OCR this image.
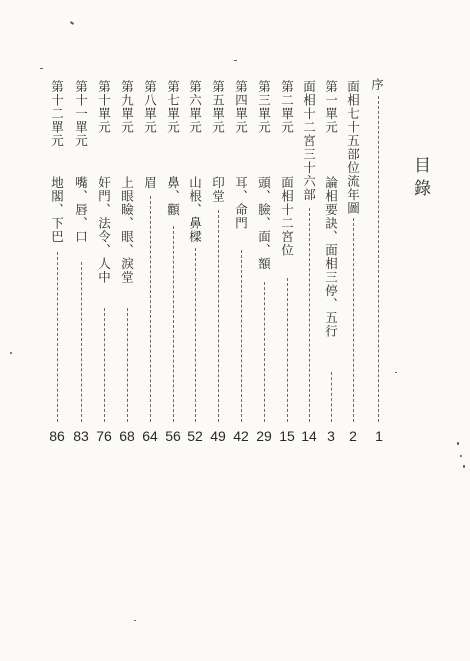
目錄
序
1
面相七十五部位流年圖
2
第一單元
論相要訣、面相三停、五行
3
面相十二宮三十六部
14
第二單元
面相十二宮位
15
第三單元
頭、臉、面、額
29
第四單元
耳、命門
42
第五單元
印堂
49
第六單元
山根、鼻樑
52
第七單元
鼻、顴
56
第八單元
眉
64
第九單元
上眼瞼、眼、淚堂
68
第十單元
奸門、法令、人中
76
第十一單元
嘴、唇、口
83
第十二單元
地閣、下巴
86
